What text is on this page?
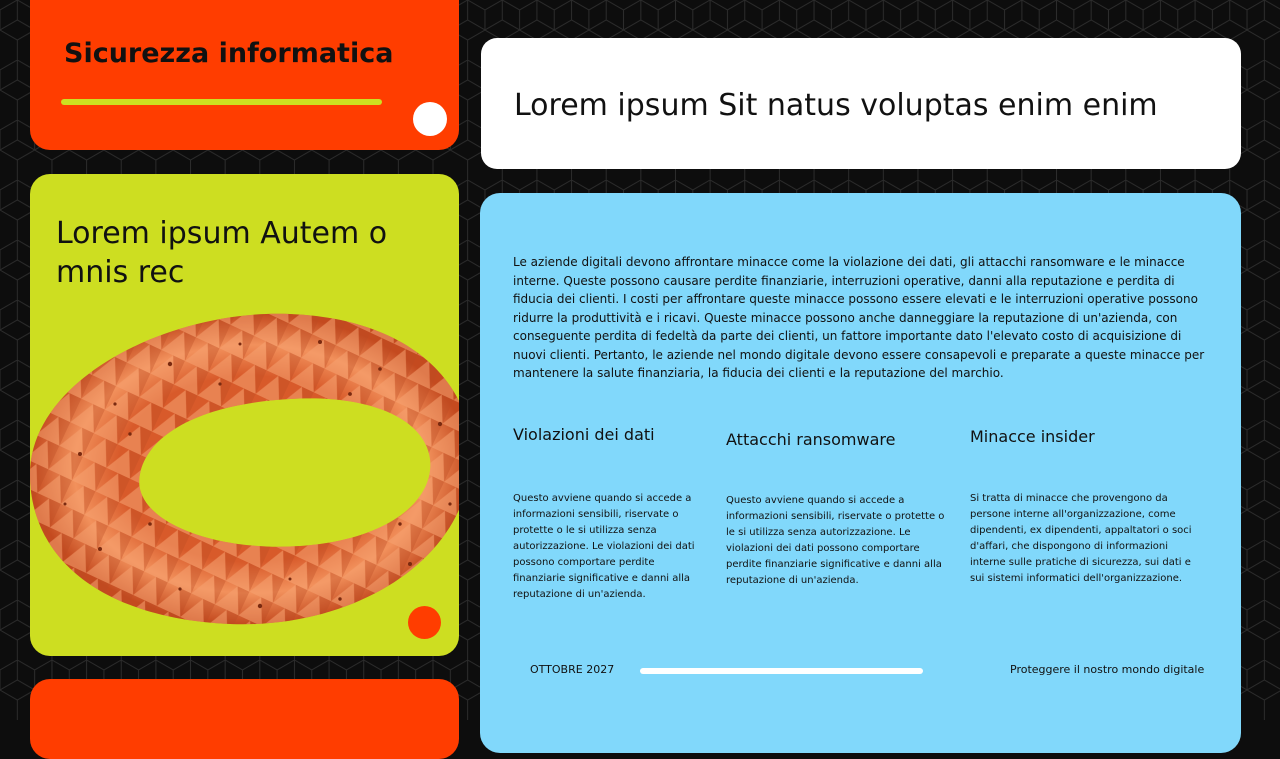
Sicurezza informatica
Lorem ipsum Autem o mnis rec
Lorem ipsum Sit natus voluptas enim enim

Le aziende digitali devono affrontare minacce come la violazione dei dati, gli attacchi ransomware e le minacce interne. Queste possono causare perdite finanziarie, interruzioni operative, danni alla reputazione e perdita di fiducia dei clienti. I costi per affrontare queste minacce possono essere elevati e le interruzioni operative possono ridurre la produttività e i ricavi. Queste minacce possono anche danneggiare la reputazione di un'azienda, con conseguente perdita di fedeltà da parte dei clienti, un fattore importante dato l'elevato costo di acquisizione di nuovi clienti. Pertanto, le aziende nel mondo digitale devono essere consapevoli e preparate a queste minacce per mantenere la salute finanziaria, la fiducia dei clienti e la reputazione del marchio.

Violazioni dei dati	Attacchi ransomware	Minacce insider

Questo avviene quando si accede a informazioni sensibili, riservate o protette o le si utilizza senza autorizzazione. Le violazioni dei dati possono comportare perdite finanziarie significative e danni alla reputazione di un'azienda.

Questo avviene quando si accede a informazioni sensibili, riservate o protette o le si utilizza senza autorizzazione. Le violazioni dei dati possono comportare perdite finanziarie significative e danni alla reputazione di un'azienda.

Si tratta di minacce che provengono da persone interne all'organizzazione, come dipendenti, ex dipendenti, appaltatori o soci d'affari, che dispongono di informazioni interne sulle pratiche di sicurezza, sui dati e sui sistemi informatici dell'organizzazione.

OTTOBRE 2027	Proteggere il nostro mondo digitale
